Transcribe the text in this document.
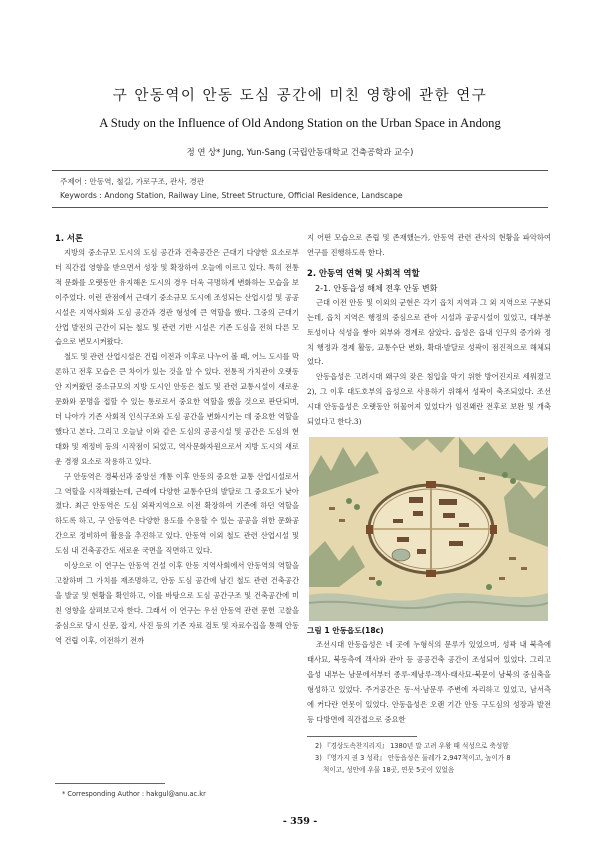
구 안동역이 안동 도심 공간에 미친 영향에 관한 연구
A Study on the Influence of Old Andong Station on the Urban Space in Andong
정 연 상* Jung, Yun-Sang (국립안동대학교 건축공학과 교수)
주제어 : 안동역, 철길, 가로구조, 관사, 경관
Keywords : Andong Station, Railway Line, Street Structure, Official Residence, Landscape
1. 서론

지방의 중소규모 도시의 도심 공간과 건축공간은 근대기 다양한 요소로부터 직간접 영향을 받으면서 성장 및 확장하여 오늘에 이르고 있다. 특히 전통적 문화를 오랫동안 유지해온 도시의 경우 더욱 극명하게 변화하는 모습을 보이주었다. 이런 관점에서 근대기 중소규모 도시에 조성되는 산업시설 및 공공시설은 지역사회와 도심 공간과 경관 형성에 큰 역할을 했다. 그중의 근대기 산업 발전의 근간이 되는 철도 및 관련 기반 시설은 기존 도심을 전혀 다른 모습으로 변모시켜왔다.

철도 및 관련 산업시설은 건립 이전과 이후로 나누어 볼 때, 어느 도시를 막론하고 전후 모습은 큰 차이가 있는 것을 알 수 있다. 전통적 가치관이 오랫동안 지켜왔던 중소규모의 지방 도시인 안동은 철도 및 관련 교통시설이 새로운 문화와 문명을 접할 수 있는 통로로서 중요한 역할을 했을 것으로 판단되며, 더 나아가 기존 사회적 인식구조와 도심 공간을 변화시키는 데 중요한 역할을 했다고 본다. 그리고 오늘날 이와 같은 도심의 공공시설 및 공간은 도심의 현대화 및 재정비 등의 시작점이 되었고, 역사문화자원으로서 지방 도시의 새로운 경쟁 요소로 작용하고 있다.

구 안동역은 경북선과 중앙선 개통 이후 안동의 중요한 교통 산업시설로서 그 역할을 시작해왔는데, 근래에 다양한 교통수단의 발달로 그 중요도가 낮아졌다. 최근 안동역은 도심 외곽지역으로 이전 확장하여 기존에 하던 역할을 하도록 하고, 구 안동역은 다양한 용도를 수용할 수 있는 공공을 위한 문화공간으로 정비하여 활용을 추진하고 있다. 안동역 이외 철도 관련 산업시설 및 도심 내 건축공간도 새로운 국면을 직면하고 있다.

이상으로 이 연구는 안동역 건설 이후 안동 지역사회에서 안동역의 역할을 고찰하며 그 가치를 재조명하고, 안동 도심 공간에 남긴 철도 관련 건축공간을 발굴 및 현황을 확인하고, 이를 바탕으로 도심 공간구조 및 건축공간에 미친 영향을 살펴보고자 한다. 그래서 이 연구는 우선 안동역 관련 문헌 고찰을 중심으로 당시 신문, 잡지, 사진 등의 기존 자료 검토 및 자료수집을 통해 안동역 건립 이후, 이전하기 전까

* Corresponding Author : hakgul@anu.ac.kr

지 어떤 모습으로 존립 및 존재했는가, 안동역 관련 관사의 현황을 파악하여 연구를 진행하도록 한다.

2. 안동역 연혁 및 사회적 역할
2-1. 안동읍성 해체 전후 안동 변화

근대 이전 안동 및 이외의 군현은 각기 읍치 지역과 그 외 지역으로 구분되는데, 읍치 지역은 행정의 중심으로 관아 시설과 공공시설이 있었고, 대부분 토성이나 석성을 쌓아 외부와 경계로 삼았다. 읍성은 읍내 인구의 증가와 정치 행정과 경제 활동, 교통수단 변화, 확대·발달로 성곽이 점진적으로 해체되었다.

안동읍성은 고려시대 왜구의 잦은 침입을 막기 위한 방어진지로 세워졌고2), 그 이후 대도호부의 읍성으로 사용하기 위해서 성곽이 축조되었다. 조선시대 안동읍성은 오랫동안 허물어져 있었다가 임진왜란 전후로 보완 및 개축되었다고 한다.3)

그림 1 안동읍도(18c)

조선시대 안동읍성은 네 곳에 누형식의 문루가 있었으며, 성곽 내 북측에 태사묘, 북동측에 객사와 관아 등 공공건축 공간이 조성되어 있었다. 그리고 읍성 내부는 남문에서부터 종루-제남루-객사-태사묘-북문이 남북의 중심축을 형성하고 있었다. 주거공간은 동·서·남문루 주변에 자리하고 있었고, 남서측에 커다란 연못이 있었다. 안동읍성은 오랜 기간 안동 구도심의 성장과 발전 등 다방면에 직간접으로 중요한

2) 『경상도속찬지리지』 1380년 말 고려 우왕 때 석성으로 축성함
3) 『영가지 권 3 성곽』 안동읍성은 둘레가 2,947척이고, 높이가 8
척이고, 성안에 우물 18곳, 연못 5곳이 있었음
- 359 -
